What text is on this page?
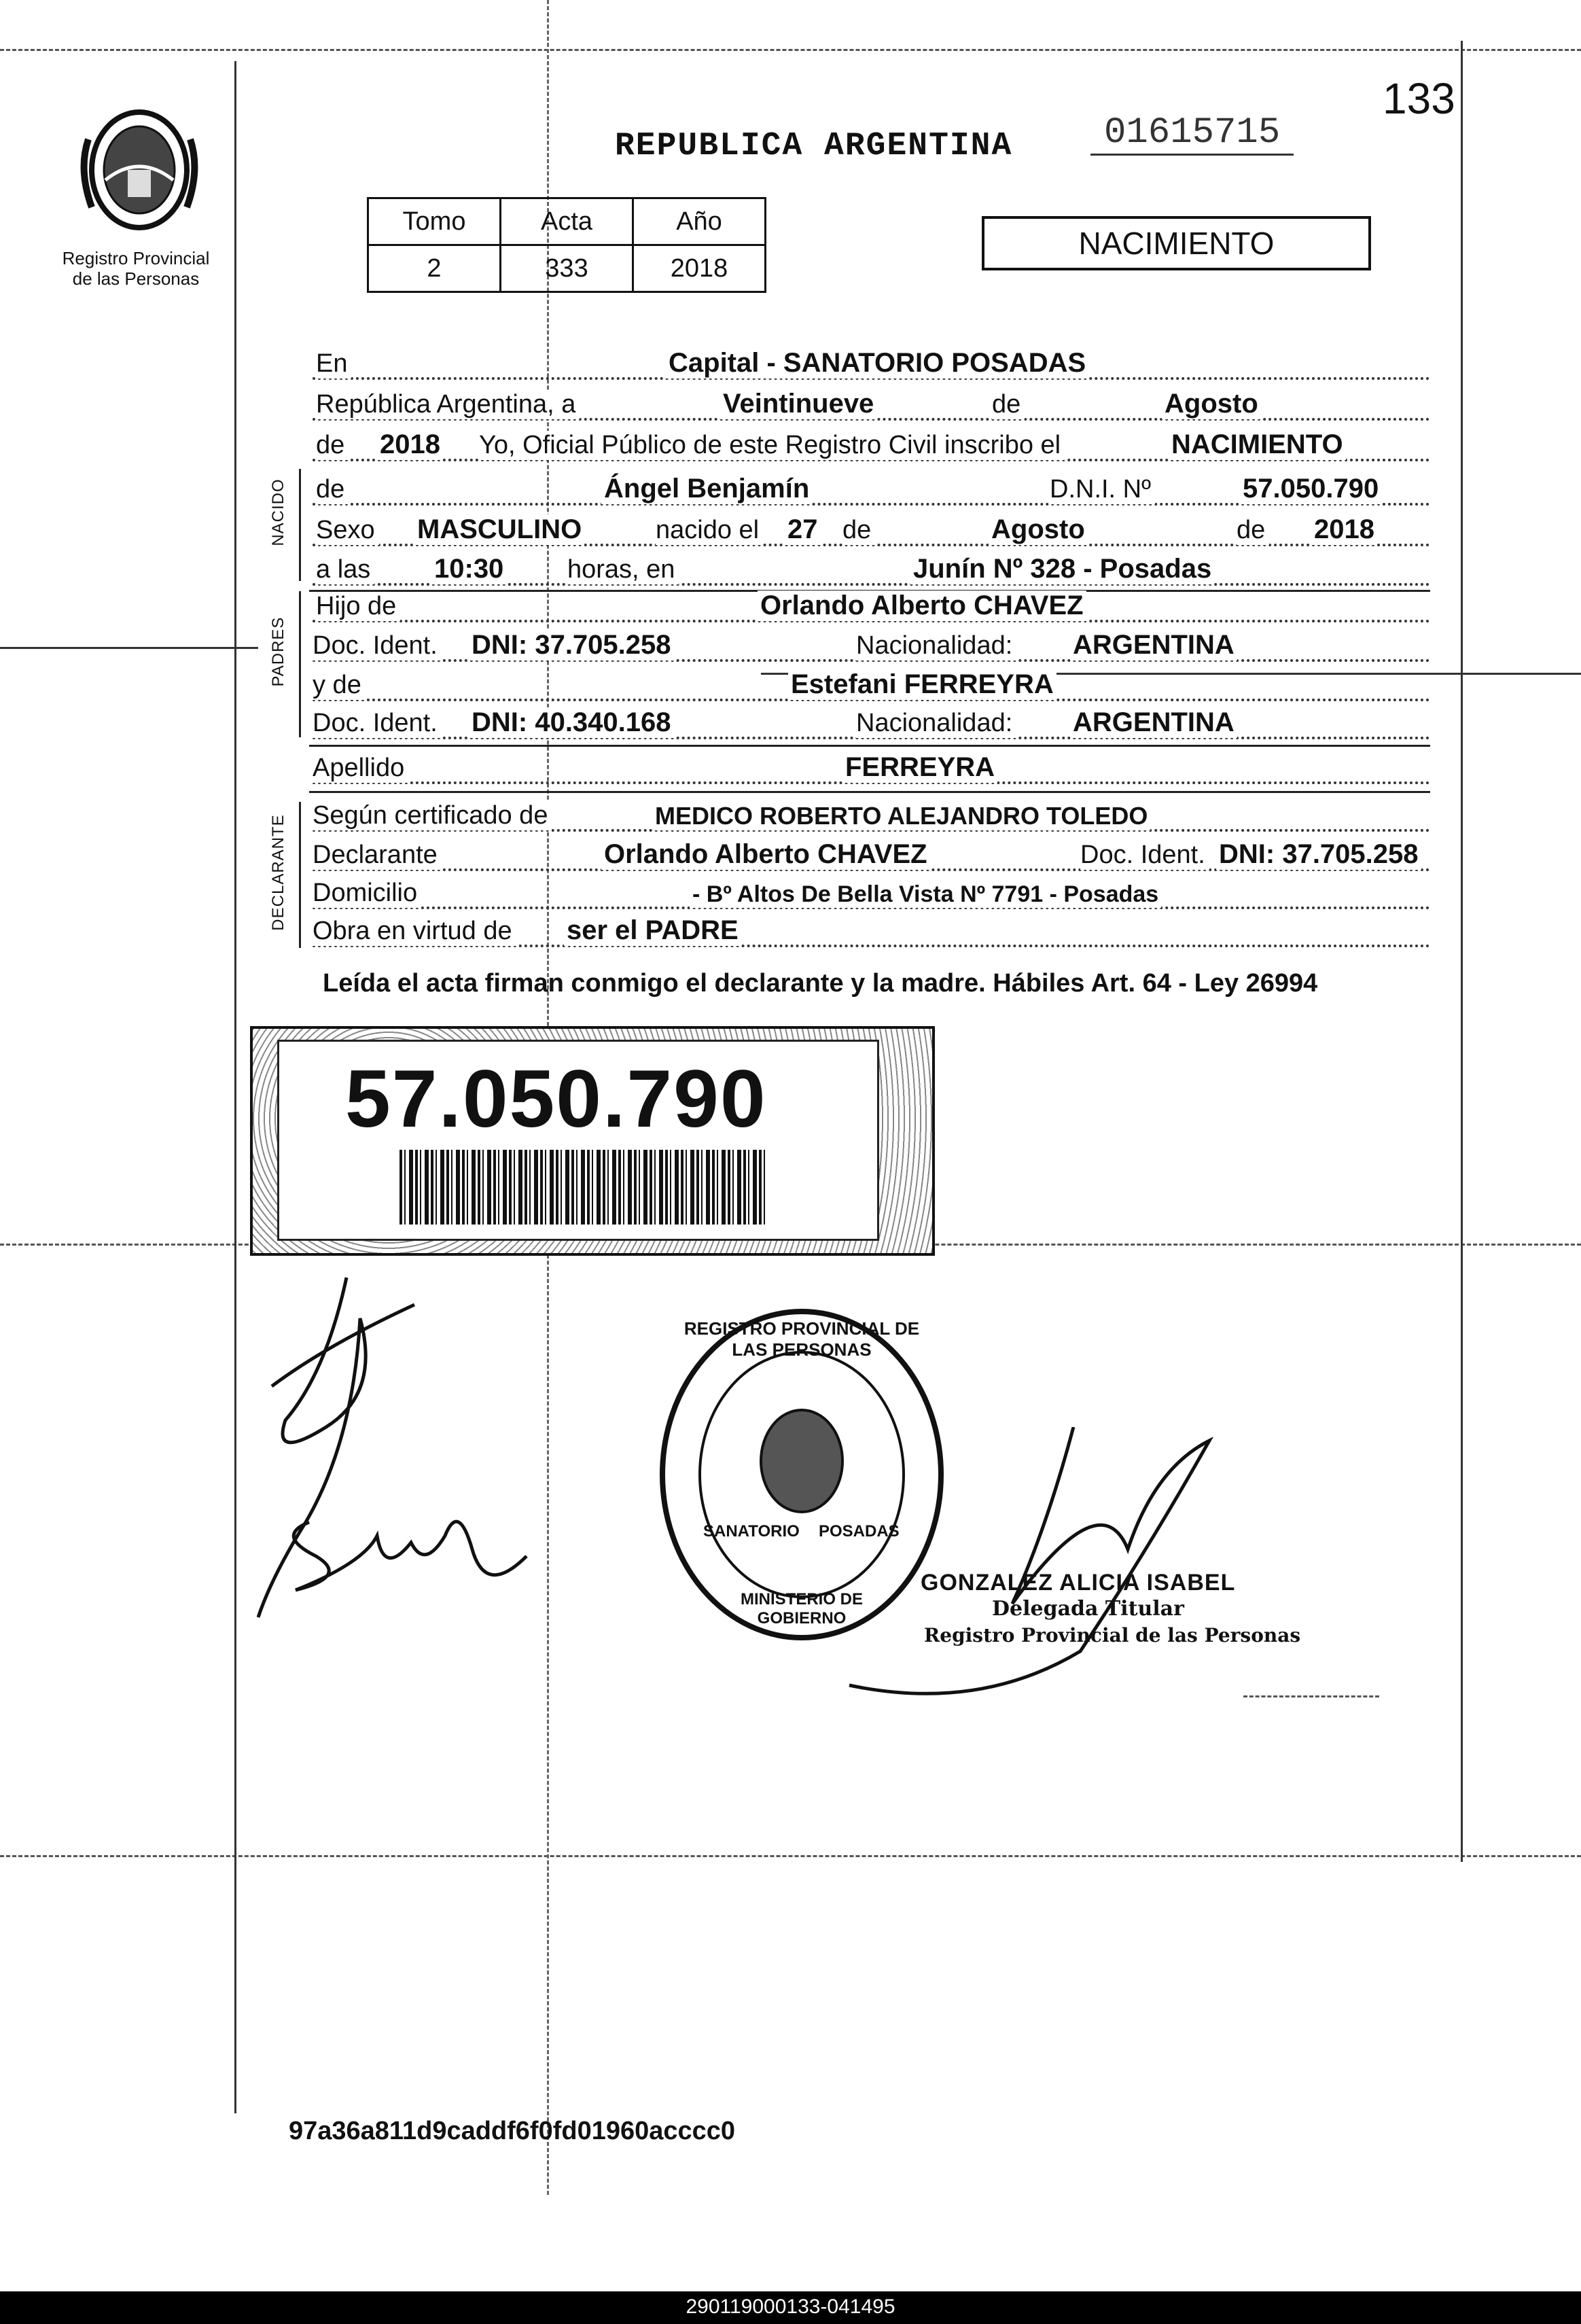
Registro Provincial
de las Personas
REPUBLICA ARGENTINA	01615715
133
Tomo	Acta	Año
2	333	2018
NACIMIENTO
En	Capital - SANATORIO POSADAS
República Argentina, a	Veintinueve	de	Agosto
de 2018 Yo, Oficial Público de este Registro Civil inscribo el	NACIMIENTO
NACIDO de	Ángel Benjamín	D.N.I. Nº	57.050.790
Sexo MASCULINO	nacido el 27 de	Agosto	de 2018
a las 10:30 horas, en	Junín Nº 328 - Posadas
PADRES
Hijo de	Orlando Alberto CHAVEZ
Doc. Ident. DNI: 37.705.258	Nacionalidad: ARGENTINA
y de	Estefani FERREYRA
Doc. Ident. DNI: 40.340.168	Nacionalidad: ARGENTINA
Apellido	FERREYRA
DECLARANTE Según certificado de	MEDICO ROBERTO ALEJANDRO TOLEDO
Declarante	Orlando Alberto CHAVEZ	Doc. Ident. DNI: 37.705.258
Domicilio	- Bº Altos De Bella Vista Nº 7791 - Posadas
Obra en virtud de ser el PADRE
Leída el acta firman conmigo el declarante y la madre. Hábiles Art. 64 - Ley 26994
57.050.790
REGISTRO PROVINCIAL DE LAS PERSONAS
SANATORIO POSADAS
MINISTERIO DE GOBIERNO
GONZALEZ ALICIA ISABEL
Delegada Titular
Registro Provincial de las Personas
97a36a811d9caddf6f0fd01960acccc0
290119000133-041495
